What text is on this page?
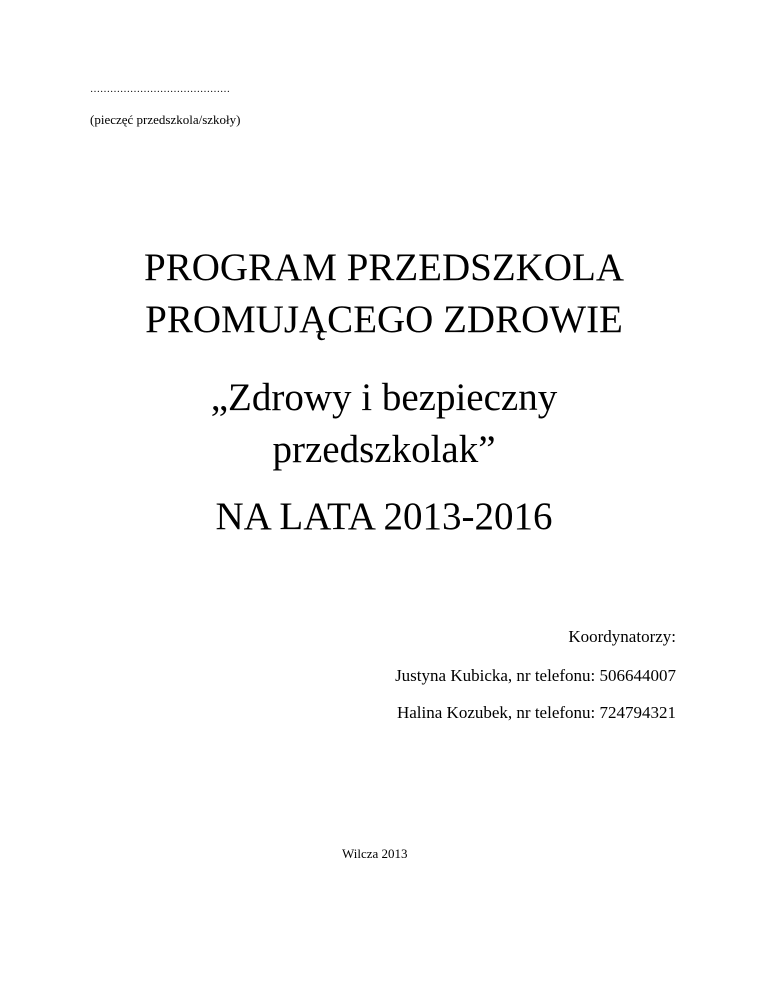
……………………………………
(pieczęć przedszkola/szkoły)
PROGRAM PRZEDSZKOLA
PROMUJĄCEGO ZDROWIE
„Zdrowy i bezpieczny
przedszkolak”
NA LATA 2013-2016
Koordynatorzy:
Justyna Kubicka, nr telefonu: 506644007
Halina Kozubek, nr telefonu: 724794321
Wilcza 2013
